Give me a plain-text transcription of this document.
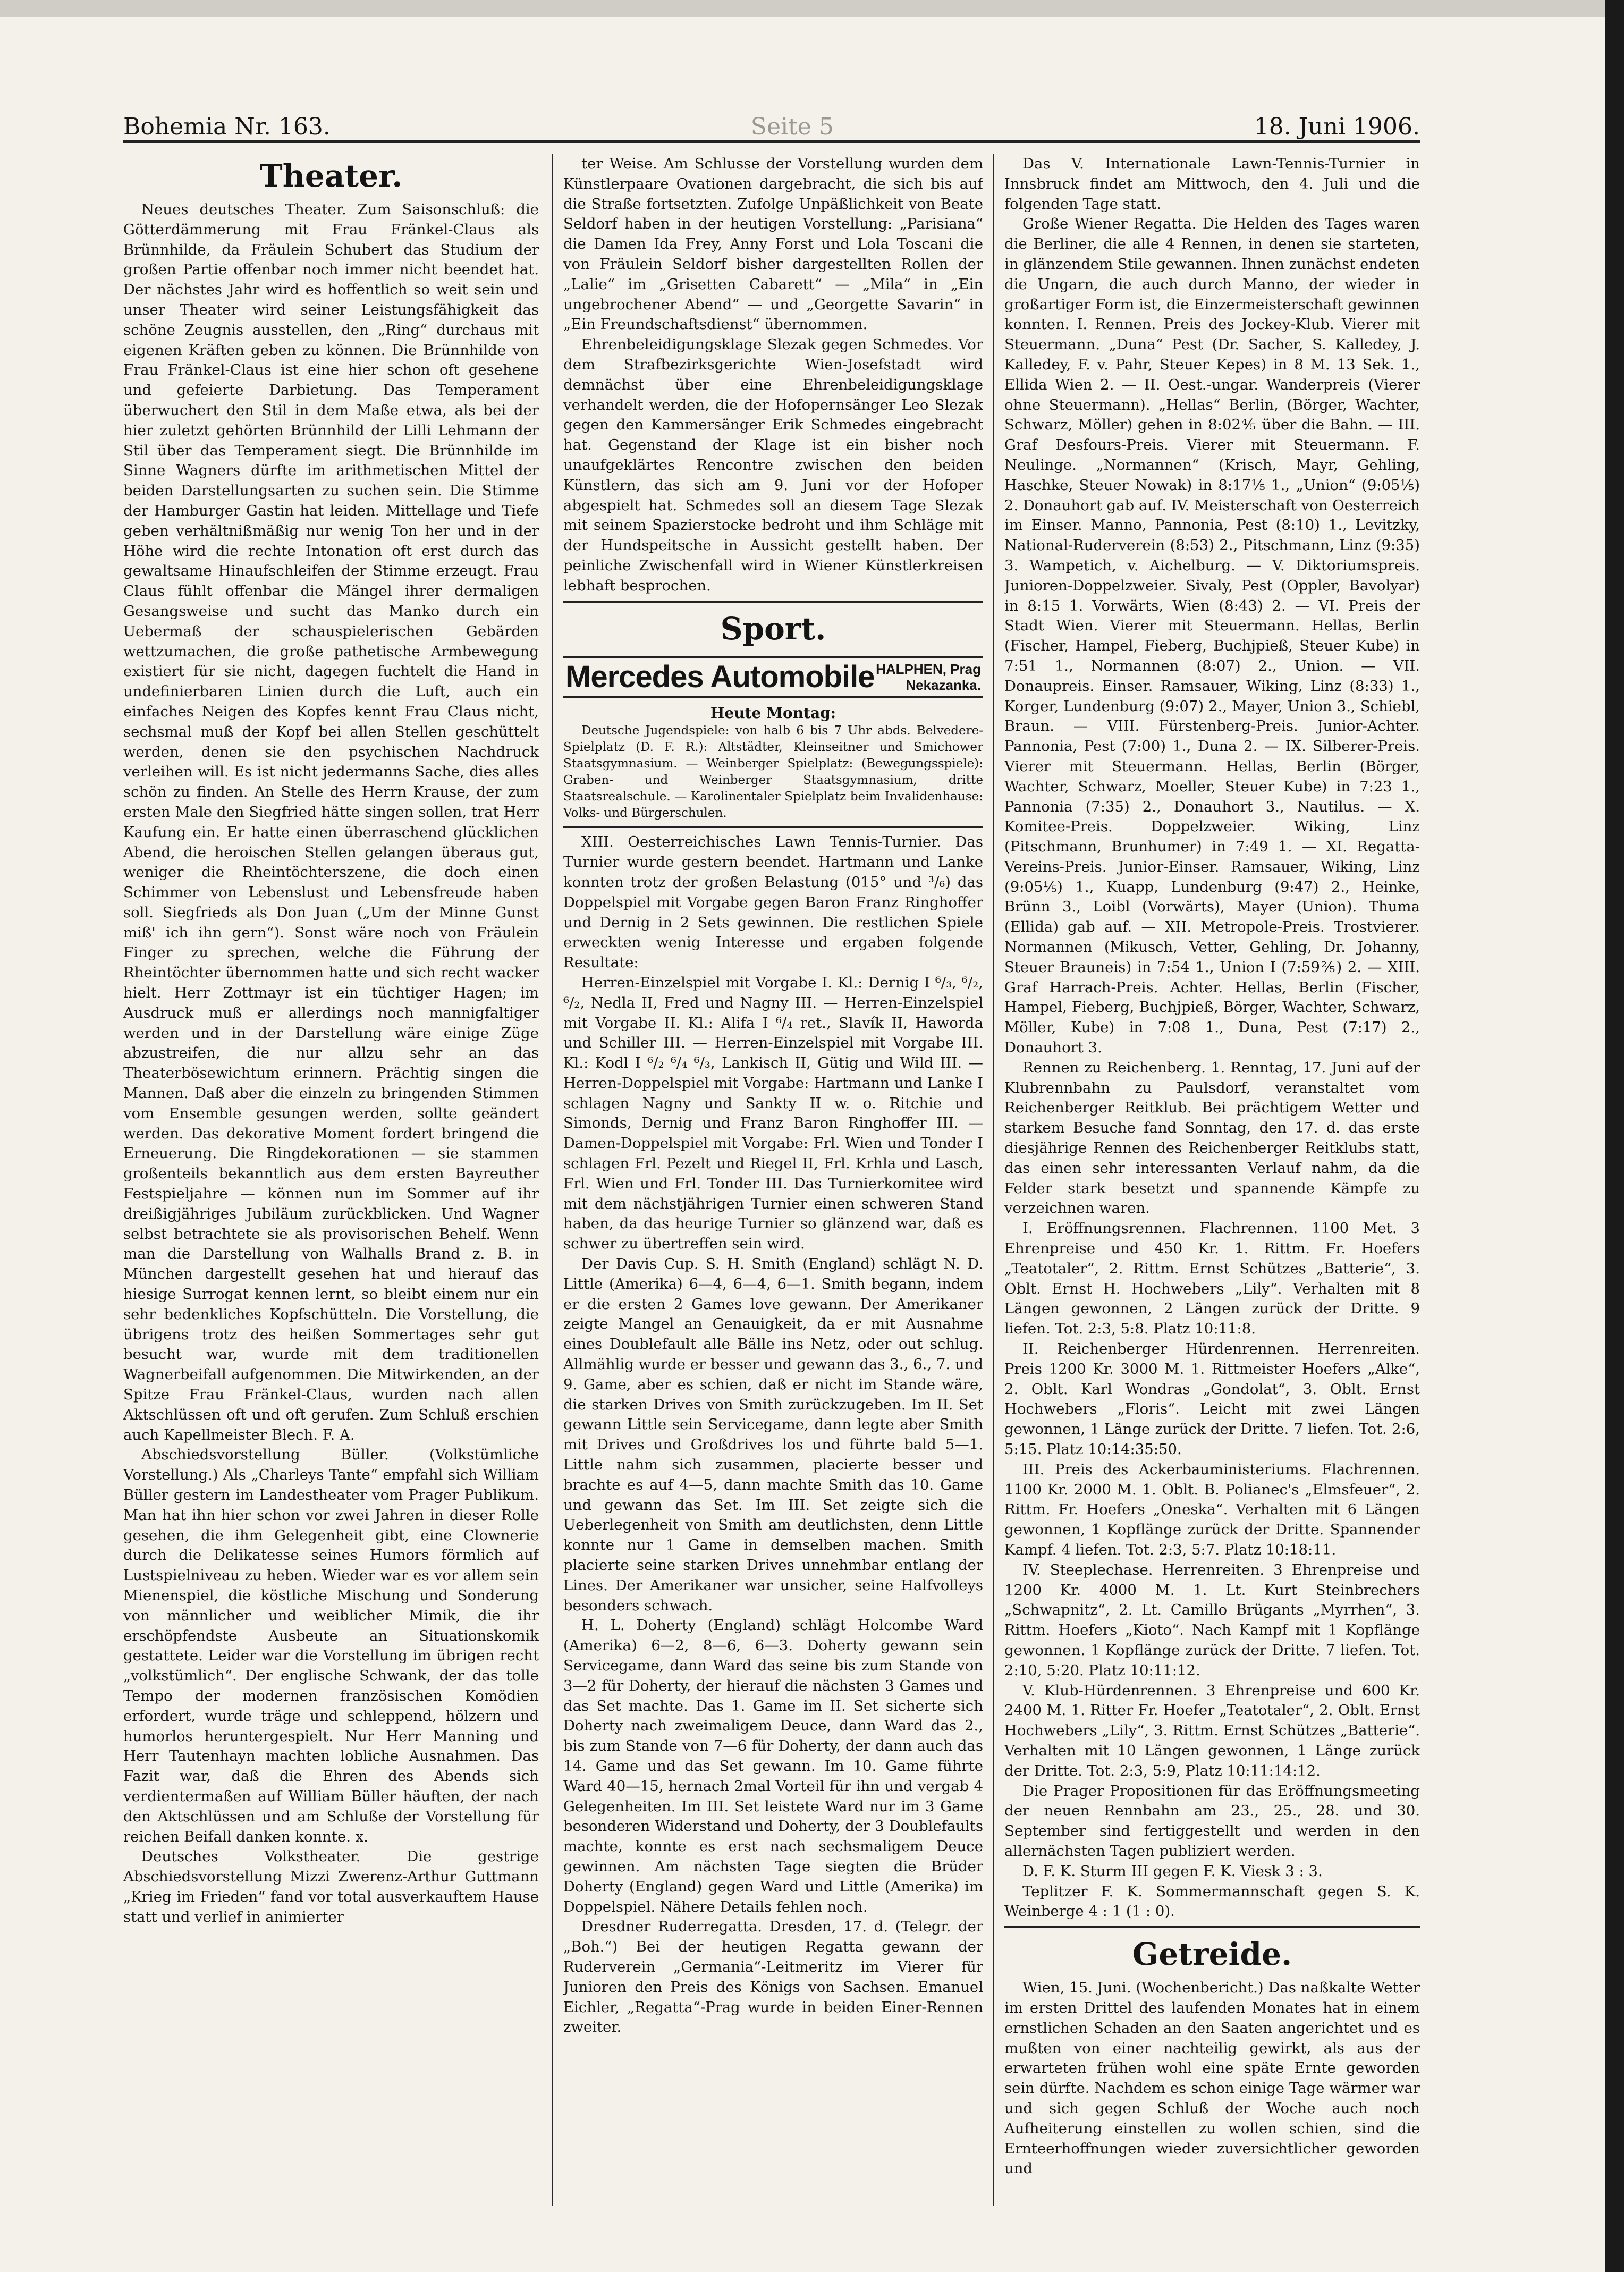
Bohemia Nr. 163.	Seite 5	18. Juni 1906.
Theater.

Neues deutsches Theater. Zum Saisonschluß: die Götterdämmerung mit Frau Fränkel-Claus als Brünnhilde, da Fräulein Schubert das Studium der großen Partie offenbar noch immer nicht beendet hat. Der nächstes Jahr wird es hoffentlich so weit sein und unser Theater wird seiner Leistungsfähigkeit das schöne Zeugnis ausstellen, den „Ring“ durchaus mit eigenen Kräften geben zu können. Die Brünnhilde von Frau Fränkel-Claus ist eine hier schon oft gesehene und gefeierte Darbietung. Das Temperament überwuchert den Stil in dem Maße etwa, als bei der hier zuletzt gehörten Brünnhild der Lilli Lehmann der Stil über das Temperament siegt. Die Brünnhilde im Sinne Wagners dürfte im arithmetischen Mittel der beiden Darstellungsarten zu suchen sein. Die Stimme der Hamburger Gastin hat leiden. Mittellage und Tiefe geben verhältnißmäßig nur wenig Ton her und in der Höhe wird die rechte Intonation oft erst durch das gewaltsame Hinaufschleifen der Stimme erzeugt. Frau Claus fühlt offenbar die Mängel ihrer dermaligen Gesangsweise und sucht das Manko durch ein Uebermaß der schauspielerischen Gebärden wettzumachen, die große pathetische Armbewegung existiert für sie nicht, dagegen fuchtelt die Hand in undefinierbaren Linien durch die Luft, auch ein einfaches Neigen des Kopfes kennt Frau Claus nicht, sechsmal muß der Kopf bei allen Stellen geschüttelt werden, denen sie den psychischen Nachdruck verleihen will. Es ist nicht jedermanns Sache, dies alles schön zu finden. An Stelle des Herrn Krause, der zum ersten Male den Siegfried hätte singen sollen, trat Herr Kaufung ein. Er hatte einen überraschend glücklichen Abend, die heroischen Stellen gelangen überaus gut, weniger die Rheintöchterszene, die doch einen Schimmer von Lebenslust und Lebensfreude haben soll. Siegfrieds als Don Juan („Um der Minne Gunst miß' ich ihn gern“). Sonst wäre noch von Fräulein Finger zu sprechen, welche die Führung der Rheintöchter übernommen hatte und sich recht wacker hielt. Herr Zottmayr ist ein tüchtiger Hagen; im Ausdruck muß er allerdings noch mannigfaltiger werden und in der Darstellung wäre einige Züge abzustreifen, die nur allzu sehr an das Theaterbösewichtum erinnern. Prächtig singen die Mannen. Daß aber die einzeln zu bringenden Stimmen vom Ensemble gesungen werden, sollte geändert werden. Das dekorative Moment fordert bringend die Erneuerung. Die Ringdekorationen — sie stammen großenteils bekanntlich aus dem ersten Bayreuther Festspieljahre — können nun im Sommer auf ihr dreißigjähriges Jubiläum zurückblicken. Und Wagner selbst betrachtete sie als provisorischen Behelf. Wenn man die Darstellung von Walhalls Brand z. B. in München dargestellt gesehen hat und hierauf das hiesige Surrogat kennen lernt, so bleibt einem nur ein sehr bedenkliches Kopfschütteln. Die Vorstellung, die übrigens trotz des heißen Sommertages sehr gut besucht war, wurde mit dem traditionellen Wagnerbeifall aufgenommen. Die Mitwirkenden, an der Spitze Frau Fränkel-Claus, wurden nach allen Aktschlüssen oft und oft gerufen. Zum Schluß erschien auch Kapellmeister Blech. F. A.

Abschiedsvorstellung Büller. (Volkstümliche Vorstellung.) Als „Charleys Tante“ empfahl sich William Büller gestern im Landestheater vom Prager Publikum. Man hat ihn hier schon vor zwei Jahren in dieser Rolle gesehen, die ihm Gelegenheit gibt, eine Clownerie durch die Delikatesse seines Humors förmlich auf Lustspielniveau zu heben. Wieder war es vor allem sein Mienenspiel, die köstliche Mischung und Sonderung von männlicher und weiblicher Mimik, die ihr erschöpfendste Ausbeute an Situationskomik gestattete. Leider war die Vorstellung im übrigen recht „volkstümlich“. Der englische Schwank, der das tolle Tempo der modernen französischen Komödien erfordert, wurde träge und schleppend, hölzern und humorlos heruntergespielt. Nur Herr Manning und Herr Tautenhayn machten lobliche Ausnahmen. Das Fazit war, daß die Ehren des Abends sich verdientermaßen auf William Büller häuften, der nach den Aktschlüssen und am Schluße der Vorstellung für reichen Beifall danken konnte. x.

Deutsches Volkstheater. Die gestrige Abschiedsvorstellung Mizzi Zwerenz-Arthur Guttmann „Krieg im Frieden“ fand vor total ausverkauftem Hause statt und verlief in animierter

ter Weise. Am Schlusse der Vorstellung wurden dem Künstlerpaare Ovationen dargebracht, die sich bis auf die Straße fortsetzten. Zufolge Unpäßlichkeit von Beate Seldorf haben in der heutigen Vorstellung: „Parisiana“ die Damen Ida Frey, Anny Forst und Lola Toscani die von Fräulein Seldorf bisher dargestellten Rollen der „Lalie“ im „Grisetten Cabarett“ — „Mila“ in „Ein ungebrochener Abend“ — und „Georgette Savarin“ in „Ein Freundschaftsdienst“ übernommen.

Ehrenbeleidigungsklage Slezak gegen Schmedes. Vor dem Strafbezirksgerichte Wien-Josefstadt wird demnächst über eine Ehrenbeleidigungsklage verhandelt werden, die der Hofopernsänger Leo Slezak gegen den Kammersänger Erik Schmedes eingebracht hat. Gegenstand der Klage ist ein bisher noch unaufgeklärtes Rencontre zwischen den beiden Künstlern, das sich am 9. Juni vor der Hofoper abgespielt hat. Schmedes soll an diesem Tage Slezak mit seinem Spazierstocke bedroht und ihm Schläge mit der Hundspeitsche in Aussicht gestellt haben. Der peinliche Zwischenfall wird in Wiener Künstlerkreisen lebhaft besprochen.

Sport.
Mercedes Automobile HALPHEN, Prag
Nekazanka.
Heute Montag:

Deutsche Jugendspiele: von halb 6 bis 7 Uhr abds. Belvedere-Spielplatz (D. F. R.): Altstädter, Kleinseitner und Smichower Staatsgymnasium. — Weinberger Spielplatz: (Bewegungsspiele): Graben- und Weinberger Staatsgymnasium, dritte Staatsrealschule. — Karolinentaler Spielplatz beim Invalidenhause: Volks- und Bürgerschulen.

XIII. Oesterreichisches Lawn Tennis-Turnier. Das Turnier wurde gestern beendet. Hartmann und Lanke konnten trotz der großen Belastung (015° und ³/₆) das Doppelspiel mit Vorgabe gegen Baron Franz Ringhoffer und Dernig in 2 Sets gewinnen. Die restlichen Spiele erweckten wenig Interesse und ergaben folgende Resultate:

Herren-Einzelspiel mit Vorgabe I. Kl.: Dernig I ⁶/₃, ⁶/₂, ⁶/₂, Nedla II, Fred und Nagny III. — Herren-Einzelspiel mit Vorgabe II. Kl.: Alifa I ⁶/₄ ret., Slavík II, Haworda und Schiller III. — Herren-Einzelspiel mit Vorgabe III. Kl.: Kodl I ⁶/₂ ⁶/₄ ⁶/₃, Lankisch II, Gütig und Wild III. — Herren-Doppelspiel mit Vorgabe: Hartmann und Lanke I schlagen Nagny und Sankty II w. o. Ritchie und Simonds, Dernig und Franz Baron Ringhoffer III. — Damen-Doppelspiel mit Vorgabe: Frl. Wien und Tonder I schlagen Frl. Pezelt und Riegel II, Frl. Krhla und Lasch, Frl. Wien und Frl. Tonder III. Das Turnierkomitee wird mit dem nächstjährigen Turnier einen schweren Stand haben, da das heurige Turnier so glänzend war, daß es schwer zu übertreffen sein wird.

Der Davis Cup. S. H. Smith (England) schlägt N. D. Little (Amerika) 6—4, 6—4, 6—1. Smith begann, indem er die ersten 2 Games love gewann. Der Amerikaner zeigte Mangel an Genauigkeit, da er mit Ausnahme eines Doublefault alle Bälle ins Netz, oder out schlug. Allmählig wurde er besser und gewann das 3., 6., 7. und 9. Game, aber es schien, daß er nicht im Stande wäre, die starken Drives von Smith zurückzugeben. Im II. Set gewann Little sein Servicegame, dann legte aber Smith mit Drives und Großdrives los und führte bald 5—1. Little nahm sich zusammen, placierte besser und brachte es auf 4—5, dann machte Smith das 10. Game und gewann das Set. Im III. Set zeigte sich die Ueberlegenheit von Smith am deutlichsten, denn Little konnte nur 1 Game in demselben machen. Smith placierte seine starken Drives unnehmbar entlang der Lines. Der Amerikaner war unsicher, seine Halfvolleys besonders schwach.

H. L. Doherty (England) schlägt Holcombe Ward (Amerika) 6—2, 8—6, 6—3. Doherty gewann sein Servicegame, dann Ward das seine bis zum Stande von 3—2 für Doherty, der hierauf die nächsten 3 Games und das Set machte. Das 1. Game im II. Set sicherte sich Doherty nach zweimaligem Deuce, dann Ward das 2., bis zum Stande von 7—6 für Doherty, der dann auch das 14. Game und das Set gewann. Im 10. Game führte Ward 40—15, hernach 2mal Vorteil für ihn und vergab 4 Gelegenheiten. Im III. Set leistete Ward nur im 3 Game besonderen Widerstand und Doherty, der 3 Doublefaults machte, konnte es erst nach sechsmaligem Deuce gewinnen. Am nächsten Tage siegten die Brüder Doherty (England) gegen Ward und Little (Amerika) im Doppelspiel. Nähere Details fehlen noch.

Dresdner Ruderregatta. Dresden, 17. d. (Telegr. der „Boh.“) Bei der heutigen Regatta gewann der Ruderverein „Germania“-Leitmeritz im Vierer für Junioren den Preis des Königs von Sachsen. Emanuel Eichler, „Regatta“-Prag wurde in beiden Einer-Rennen zweiter.

Das V. Internationale Lawn-Tennis-Turnier in Innsbruck findet am Mittwoch, den 4. Juli und die folgenden Tage statt.

Große Wiener Regatta. Die Helden des Tages waren die Berliner, die alle 4 Rennen, in denen sie starteten, in glänzendem Stile gewannen. Ihnen zunächst endeten die Ungarn, die auch durch Manno, der wieder in großartiger Form ist, die Einzermeisterschaft gewinnen konnten. I. Rennen. Preis des Jockey-Klub. Vierer mit Steuermann. „Duna“ Pest (Dr. Sacher, S. Kalledey, J. Kalledey, F. v. Pahr, Steuer Kepes) in 8 M. 13 Sek. 1., Ellida Wien 2. — II. Oest.-ungar. Wanderpreis (Vierer ohne Steuermann). „Hellas“ Berlin, (Börger, Wachter, Schwarz, Möller) gehen in 8:02⅘ über die Bahn. — III. Graf Desfours-Preis. Vierer mit Steuermann. F. Neulinge. „Normannen“ (Krisch, Mayr, Gehling, Haschke, Steuer Nowak) in 8:17⅕ 1., „Union“ (9:05⅕) 2. Donauhort gab auf. IV. Meisterschaft von Oesterreich im Einser. Manno, Pannonia, Pest (8:10) 1., Levitzky, National-Ruderverein (8:53) 2., Pitschmann, Linz (9:35) 3. Wampetich, v. Aichelburg. — V. Diktoriumspreis. Junioren-Doppelzweier. Sivaly, Pest (Oppler, Bavolyar) in 8:15 1. Vorwärts, Wien (8:43) 2. — VI. Preis der Stadt Wien. Vierer mit Steuermann. Hellas, Berlin (Fischer, Hampel, Fieberg, Buchjpieß, Steuer Kube) in 7:51 1., Normannen (8:07) 2., Union. — VII. Donaupreis. Einser. Ramsauer, Wiking, Linz (8:33) 1., Korger, Lundenburg (9:07) 2., Mayer, Union 3., Schiebl, Braun. — VIII. Fürstenberg-Preis. Junior-Achter. Pannonia, Pest (7:00) 1., Duna 2. — IX. Silberer-Preis. Vierer mit Steuermann. Hellas, Berlin (Börger, Wachter, Schwarz, Moeller, Steuer Kube) in 7:23 1., Pannonia (7:35) 2., Donauhort 3., Nautilus. — X. Komitee-Preis. Doppelzweier. Wiking, Linz (Pitschmann, Brunhumer) in 7:49 1. — XI. Regatta-Vereins-Preis. Junior-Einser. Ramsauer, Wiking, Linz (9:05⅕) 1., Kuapp, Lundenburg (9:47) 2., Heinke, Brünn 3., Loibl (Vorwärts), Mayer (Union). Thuma (Ellida) gab auf. — XII. Metropole-Preis. Trostvierer. Normannen (Mikusch, Vetter, Gehling, Dr. Johanny, Steuer Brauneis) in 7:54 1., Union I (7:59⅖) 2. — XIII. Graf Harrach-Preis. Achter. Hellas, Berlin (Fischer, Hampel, Fieberg, Buchjpieß, Börger, Wachter, Schwarz, Möller, Kube) in 7:08 1., Duna, Pest (7:17) 2., Donauhort 3.

Rennen zu Reichenberg. 1. Renntag, 17. Juni auf der Klubrennbahn zu Paulsdorf, veranstaltet vom Reichenberger Reitklub. Bei prächtigem Wetter und starkem Besuche fand Sonntag, den 17. d. das erste diesjährige Rennen des Reichenberger Reitklubs statt, das einen sehr interessanten Verlauf nahm, da die Felder stark besetzt und spannende Kämpfe zu verzeichnen waren.

I. Eröffnungsrennen. Flachrennen. 1100 Met. 3 Ehrenpreise und 450 Kr. 1. Rittm. Fr. Hoefers „Teatotaler“, 2. Rittm. Ernst Schützes „Batterie“, 3. Oblt. Ernst H. Hochwebers „Lily“. Verhalten mit 8 Längen gewonnen, 2 Längen zurück der Dritte. 9 liefen. Tot. 2:3, 5:8. Platz 10:11:8.

II. Reichenberger Hürdenrennen. Herrenreiten. Preis 1200 Kr. 3000 M. 1. Rittmeister Hoefers „Alke“, 2. Oblt. Karl Wondras „Gondolat“, 3. Oblt. Ernst Hochwebers „Floris“. Leicht mit zwei Längen gewonnen, 1 Länge zurück der Dritte. 7 liefen. Tot. 2:6, 5:15. Platz 10:14:35:50.

III. Preis des Ackerbauministeriums. Flachrennen. 1100 Kr. 2000 M. 1. Oblt. B. Polianec's „Elmsfeuer“, 2. Rittm. Fr. Hoefers „Oneska“. Verhalten mit 6 Längen gewonnen, 1 Kopflänge zurück der Dritte. Spannender Kampf. 4 liefen. Tot. 2:3, 5:7. Platz 10:18:11.

IV. Steeplechase. Herrenreiten. 3 Ehrenpreise und 1200 Kr. 4000 M. 1. Lt. Kurt Steinbrechers „Schwapnitz“, 2. Lt. Camillo Brügants „Myrrhen“, 3. Rittm. Hoefers „Kioto“. Nach Kampf mit 1 Kopflänge gewonnen. 1 Kopflänge zurück der Dritte. 7 liefen. Tot. 2:10, 5:20. Platz 10:11:12.

V. Klub-Hürdenrennen. 3 Ehrenpreise und 600 Kr. 2400 M. 1. Ritter Fr. Hoefer „Teatotaler“, 2. Oblt. Ernst Hochwebers „Lily“, 3. Rittm. Ernst Schützes „Batterie“. Verhalten mit 10 Längen gewonnen, 1 Länge zurück der Dritte. Tot. 2:3, 5:9, Platz 10:11:14:12.

Die Prager Propositionen für das Eröffnungsmeeting der neuen Rennbahn am 23., 25., 28. und 30. September sind fertiggestellt und werden in den allernächsten Tagen publiziert werden.

D. F. K. Sturm III gegen F. K. Viesk 3 : 3.

Teplitzer F. K. Sommermannschaft gegen S. K. Weinberge 4 : 1 (1 : 0).

Getreide.

Wien, 15. Juni. (Wochenbericht.) Das naßkalte Wetter im ersten Drittel des laufenden Monates hat in einem ernstlichen Schaden an den Saaten angerichtet und es mußten von einer nachteilig gewirkt, als aus der erwarteten frühen wohl eine späte Ernte geworden sein dürfte. Nachdem es schon einige Tage wärmer war und sich gegen Schluß der Woche auch noch Aufheiterung einstellen zu wollen schien, sind die Ernteerhoffnungen wieder zuversichtlicher geworden und
